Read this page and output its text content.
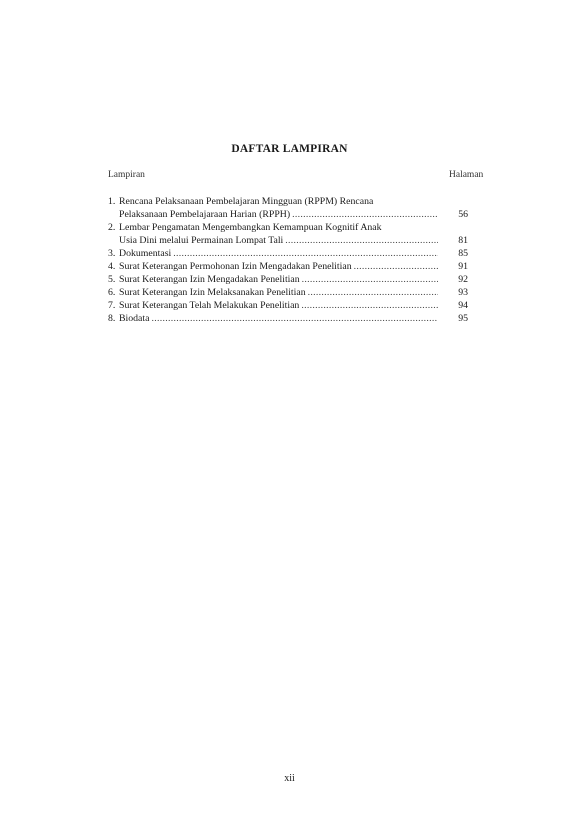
DAFTAR LAMPIRAN
Lampiran	Halaman
1. Rencana Pelaksanaan Pembelajaran Mingguan (RPPM) Rencana
Pelaksanaan Pembelajaraan Harian (RPPH) .....	56
2. Lembar Pengamatan Mengembangkan Kemampuan Kognitif Anak
Usia Dini melalui Permainan Lompat Tali .....	81
3. Dokumentasi .....	85
4. Surat Keterangan Permohonan Izin Mengadakan Penelitian .....	91
5. Surat Keterangan Izin Mengadakan Penelitian .....	92
6. Surat Keterangan Izin Melaksanakan Penelitian .....	93
7. Surat Keterangan Telah Melakukan Penelitian .....	94
8. Biodata .....	95
xii
